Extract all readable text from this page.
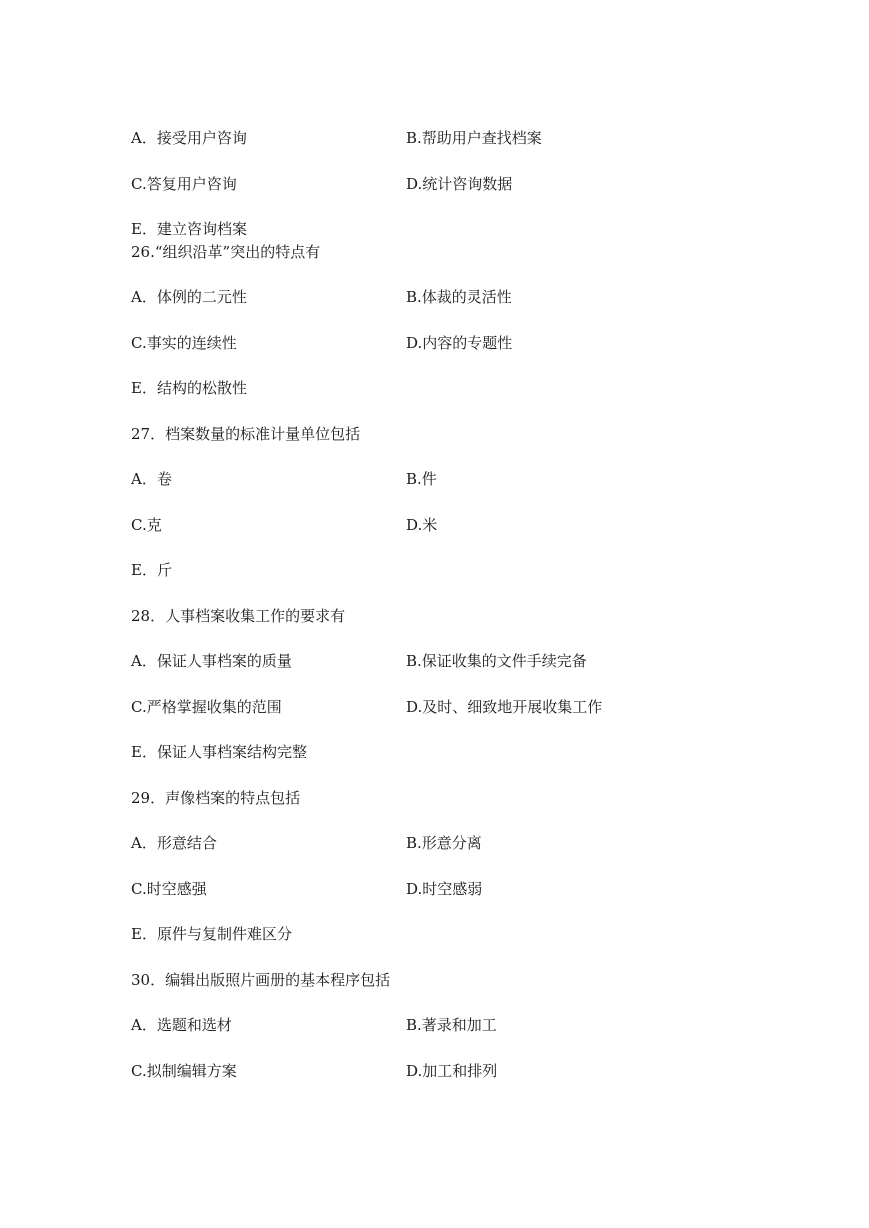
A．接受用户咨询	B.帮助用户查找档案
C.答复用户咨询	D.统计咨询数据
E．建立咨询档案
26.“组织沿革”突出的特点有
A．体例的二元性	B.体裁的灵活性
C.事实的连续性	D.内容的专题性
E．结构的松散性
27．档案数量的标准计量单位包括
A．卷	B.件
C.克	D.米
E．斤
28．人事档案收集工作的要求有
A．保证人事档案的质量	B.保证收集的文件手续完备
C.严格掌握收集的范围	D.及时、细致地开展收集工作
E．保证人事档案结构完整
29．声像档案的特点包括
A．形意结合	B.形意分离
C.时空感强	D.时空感弱
E．原件与复制件难区分
30．编辑出版照片画册的基本程序包括
A．选题和选材	B.著录和加工
C.拟制编辑方案	D.加工和排列
